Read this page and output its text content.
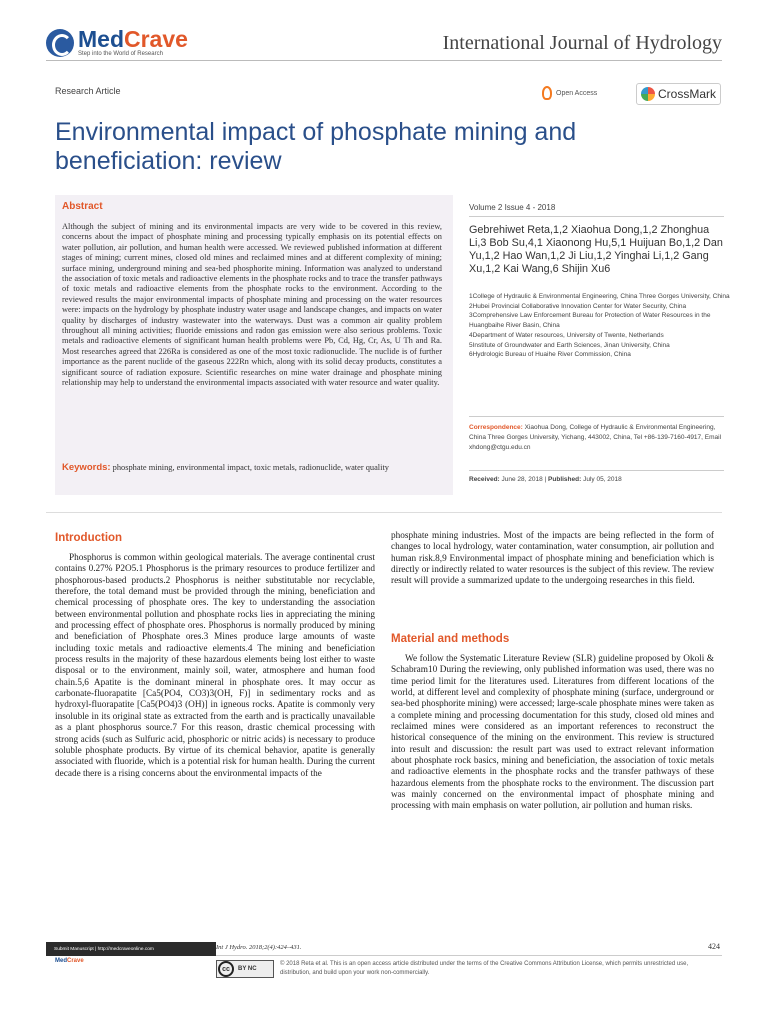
MedCrave
Step into the World of Research	International Journal of Hydrology
Research Article	Open Access	CrossMark
Environmental impact of phosphate mining and beneficiation: review
Abstract
Although the subject of mining and its environmental impacts are very wide to be covered in this review, concerns about the impact of phosphate mining and processing typically emphasis on its potential effects on water pollution, air pollution, and human health were accessed. We reviewed published information at different stages of mining; current mines, closed old mines and reclaimed mines and at different complexity of mining; surface mining, underground mining and sea-bed phosphorite mining. Information was analyzed to understand the association of toxic metals and radioactive elements in the phosphate rocks and to trace the transfer pathways of toxic metals and radioactive elements from the phosphate rocks to the environment. According to the reviewed results the major environmental impacts of phosphate mining and processing on the water resources were: impacts on the hydrology by phosphate industry water usage and landscape changes, and impacts on water quality by discharges of industry wastewater into the waterways. Dust was a common air quality problem throughout all mining activities; fluoride emissions and radon gas emission were also serious problems. Toxic metals and radioactive elements of significant human health problems were Pb, Cd, Hg, Cr, As, U Th and Ra. Most researches agreed that 226Ra is considered as one of the most toxic radionuclide. The nuclide is of further importance as the parent nuclide of the gaseous 222Rn which, along with its solid decay products, constitutes a significant source of radiation exposure. Scientific researches on mine water drainage and phosphate mining relationship may help to understand the environmental impacts associated with water resource and water quality.
Keywords: phosphate mining, environmental impact, toxic metals, radionuclide, water quality
Volume 2 Issue 4 - 2018
Gebrehiwet Reta,1,2 Xiaohua Dong,1,2 Zhonghua Li,3 Bob Su,4,1 Xiaonong Hu,5,1 Huijuan Bo,1,2 Dan Yu,1,2 Hao Wan,1,2 Ji Liu,1,2 Yinghai Li,1,2 Gang Xu,1,2 Kai Wang,6 Shijin Xu6
1College of Hydraulic & Environmental Engineering, China Three Gorges University, China
2Hubei Provincial Collaborative Innovation Center for Water Security, China
3Comprehensive Law Enforcement Bureau for Protection of Water Resources in the Huangbaihe River Basin, China
4Department of Water resources, University of Twente, Netherlands
5Institute of Groundwater and Earth Sciences, Jinan University, China
6Hydrologic Bureau of Huaihe River Commission, China
Correspondence: Xiaohua Dong, College of Hydraulic & Environmental Engineering, China Three Gorges University, Yichang, 443002, China, Tel +86-139-7160-4917, Email xhdong@ctgu.edu.cn
Received: June 28, 2018 | Published: July 05, 2018
Introduction
Phosphorus is common within geological materials. The average continental crust contains 0.27% P2O5.1 Phosphorus is the primary resources to produce fertilizer and phosphorous-based products.2 Phosphorus is neither substitutable nor recyclable, therefore, the total demand must be provided through the mining, beneficiation and chemical processing of phosphate ores. The key to understanding the association between environmental pollution and phosphate rocks lies in appreciating the mining and processing effect of phosphate ores. Phosphorus is normally produced by mining and beneficiation of Phosphate ores.3 Mines produce large amounts of waste including toxic metals and radioactive elements.4 The mining and beneficiation process results in the majority of these hazardous elements being lost either to waste disposal or to the environment, mainly soil, water, atmosphere and human food chain.5,6 Apatite is the dominant mineral in phosphate ores. It may occur as carbonate-fluorapatite [Ca5(PO4, CO3)3(OH, F)] in sedimentary rocks and as hydroxyl-fluorapatite [Ca5(PO4)3 (OH)] in igneous rocks. Apatite is commonly very insoluble in its original state as extracted from the earth and is practically unavailable as a plant phosphorus source.7 For this reason, drastic chemical processing with strong acids (such as Sulfuric acid, phosphoric or nitric acids) is necessary to produce soluble phosphate products. By virtue of its chemical behavior, apatite is generally associated with fluoride, which is a potential risk for human health. During the current decade there is a rising concerns about the environmental impacts of the
phosphate mining industries. Most of the impacts are being reflected in the form of changes to local hydrology, water contamination, water consumption, air pollution and human risk.8,9 Environmental impact of phosphate mining and beneficiation which is directly or indirectly related to water resources is the subject of this review. The review result will provide a summarized update to the undergoing researches in this field.
Material and methods
We follow the Systematic Literature Review (SLR) guideline proposed by Okoli & Schabram10 During the reviewing, only published information was used, there was no time period limit for the literatures used. Literatures from different locations of the world, at different level and complexity of phosphate mining (surface, underground or sea-bed phosphorite mining) were accessed; large-scale phosphate mines were taken as a complete mining and processing documentation for this study, closed old mines and reclaimed mines were considered as an important references to reconstruct the historical consequence of the mining on the environment. This review is structured into result and discussion: the result part was used to extract relevant information about phosphate rock basics, mining and beneficiation, the association of toxic metals and radioactive elements in the phosphate rocks and the transfer pathways of these hazardous elements from the phosphate rocks to the environment. The discussion part was mainly concerned on the environmental impact of phosphate mining and processing with main emphasis on water pollution, air pollution and human risks.
Submit Manuscript | http://medcraveonline.com
MedCrave
Int J Hydro. 2018;2(4):424–431.	424
cc	BY NC
© 2018 Reta et al. This is an open access article distributed under the terms of the Creative Commons Attribution License, which permits unrestricted use, distribution, and build upon your work non-commercially.
